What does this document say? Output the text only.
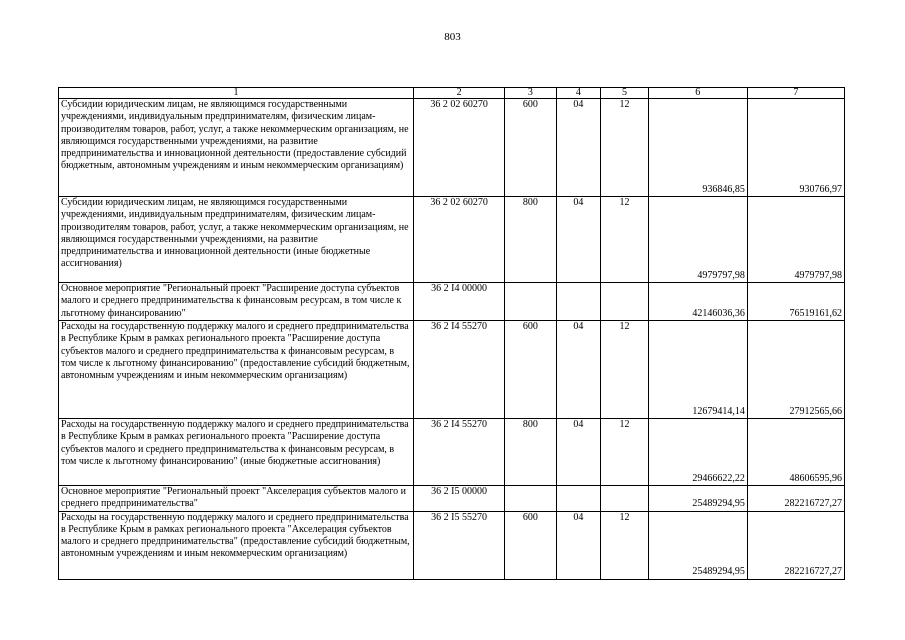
803
1	2	3	4	5	6	7
Субсидии юридическим лицам, не являющимся государственными учреждениями, индивидуальным предпринимателям, физическим лицам-производителям товаров, работ, услуг, а также некоммерческим организациям, не являющимся государственными учреждениями, на развитие предпринимательства и инновационной деятельности (предоставление субсидий бюджетным, автономным учреждениям и иным некоммерческим организациям)	36 2 02 60270	600	04	12	936846,85	930766,97
Субсидии юридическим лицам, не являющимся государственными учреждениями, индивидуальным предпринимателям, физическим лицам-производителям товаров, работ, услуг, а также некоммерческим организациям, не являющимся государственными учреждениями, на развитие предпринимательства и инновационной деятельности (иные бюджетные ассигнования)	36 2 02 60270	800	04	12	4979797,98	4979797,98
Основное мероприятие "Региональный проект "Расширение доступа субъектов малого и среднего предпринимательства к финансовым ресурсам, в том числе к льготному финансированию"	36 2 I4 00000				42146036,36	76519161,62
Расходы на государственную поддержку малого и среднего предпринимательства в Республике Крым в рамках регионального проекта "Расширение доступа субъектов малого и среднего предпринимательства к финансовым ресурсам, в том числе к льготному финансированию" (предоставление субсидий бюджетным, автономным учреждениям и иным некоммерческим организациям)	36 2 I4 55270	600	04	12	12679414,14	27912565,66
Расходы на государственную поддержку малого и среднего предпринимательства в Республике Крым в рамках регионального проекта "Расширение доступа субъектов малого и среднего предпринимательства к финансовым ресурсам, в том числе к льготному финансированию" (иные бюджетные ассигнования)	36 2 I4 55270	800	04	12	29466622,22	48606595,96
Основное мероприятие "Региональный проект "Акселерация субъектов малого и среднего предпринимательства"	36 2 I5 00000				25489294,95	282216727,27
Расходы на государственную поддержку малого и среднего предпринимательства в Республике Крым в рамках регионального проекта "Акселерация субъектов малого и среднего предпринимательства" (предоставление субсидий бюджетным, автономным учреждениям и иным некоммерческим организациям)	36 2 I5 55270	600	04	12	25489294,95	282216727,27
